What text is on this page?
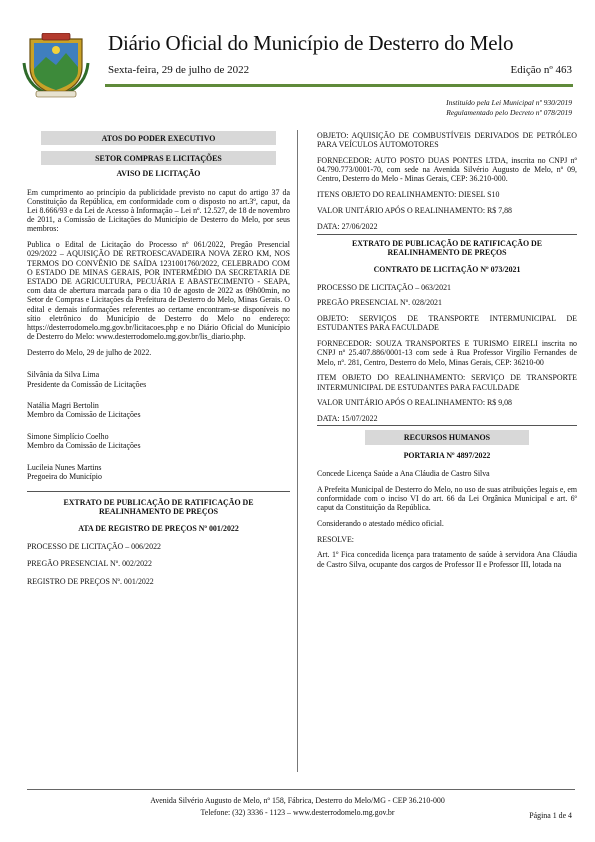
Diário Oficial do Município de Desterro do Melo
Sexta-feira, 29 de julho de 2022	Edição nº 463
Instituído pela Lei Municipal nº 930/2019
Regulamentado pelo Decreto nº 078/2019
ATOS DO PODER EXECUTIVO
SETOR COMPRAS E LICITAÇÕES
AVISO DE LICITAÇÃO

Em cumprimento ao princípio da publicidade previsto no caput do artigo 37 da Constituição da República, em conformidade com o disposto no art.3º, caput, da Lei 8.666/93 e da Lei de Acesso à Informação – Lei nº. 12.527, de 18 de novembro de 2011, a Comissão de Licitações do Município de Desterro do Melo, por seus membros:

Publica o Edital de Licitação do Processo nº 061/2022, Pregão Presencial 029/2022 – AQUISIÇÃO DE RETROESCAVADEIRA NOVA ZERO KM, NOS TERMOS DO CONVÊNIO DE SAÍDA 1231001760/2022, CELEBRADO COM O ESTADO DE MINAS GERAIS, POR INTERMÉDIO DA SECRETARIA DE ESTADO DE AGRICULTURA, PECUÁRIA E ABASTECIMENTO - SEAPA, com data de abertura marcada para o dia 10 de agosto de 2022 as 09h00min, no Setor de Compras e Licitações da Prefeitura de Desterro do Melo, Minas Gerais. O edital e demais informações referentes ao certame encontram-se disponíveis no sítio eletrônico do Município de Desterro do Melo no endereço: https://desterrodomelo.mg.gov.br/licitacoes.php e no Diário Oficial do Município de Desterro do Melo: www.desterrodomelo.mg.gov.br/lis_diario.php.

Desterro do Melo, 29 de julho de 2022.

Silvânia da Silva Lima
Presidente da Comissão de Licitações
Natália Magri Bertolin
Membro da Comissão de Licitações
Simone Simplício Coelho
Membro da Comissão de Licitações
Lucileia Nunes Martins
Pregoeira do Município
EXTRATO DE PUBLICAÇÃO DE RATIFICAÇÃO DE REALINHAMENTO DE PREÇOS
ATA DE REGISTRO DE PREÇOS Nº 001/2022

PROCESSO DE LICITAÇÃO – 006/2022

PREGÃO PRESENCIAL Nº. 002/2022

REGISTRO DE PREÇOS Nº. 001/2022

OBJETO: AQUISIÇÃO DE COMBUSTÍVEIS DERIVADOS DE PETRÓLEO PARA VEÍCULOS AUTOMOTORES

FORNECEDOR: AUTO POSTO DUAS PONTES LTDA, inscrita no CNPJ nº 04.790.773/0001-70, com sede na Avenida Silvério Augusto de Melo, nº 09, Centro, Desterro do Melo - Minas Gerais, CEP: 36.210-000.

ITENS OBJETO DO REALINHAMENTO: DIESEL S10

VALOR UNITÁRIO APÓS O REALINHAMENTO: R$ 7,88

DATA: 27/06/2022

EXTRATO DE PUBLICAÇÃO DE RATIFICAÇÃO DE REALINHAMENTO DE PREÇOS
CONTRATO DE LICITAÇÃO Nº 073/2021

PROCESSO DE LICITAÇÃO – 063/2021

PREGÃO PRESENCIAL Nº. 028/2021

OBJETO: SERVIÇOS DE TRANSPORTE INTERMUNICIPAL DE ESTUDANTES PARA FACULDADE

FORNECEDOR: SOUZA TRANSPORTES E TURISMO EIRELI inscrita no CNPJ nº 25.407.886/0001-13 com sede à Rua Professor Virgílio Fernandes de Melo, nº. 281, Centro, Desterro do Melo, Minas Gerais, CEP: 36210-00

ITEM OBJETO DO REALINHAMENTO: SERVIÇO DE TRANSPORTE INTERMUNICIPAL DE ESTUDANTES PARA FACULDADE

VALOR UNITÁRIO APÓS O REALINHAMENTO: R$ 9,08

DATA: 15/07/2022

RECURSOS HUMANOS
PORTARIA Nº 4897/2022

Concede Licença Saúde a Ana Cláudia de Castro Silva

A Prefeita Municipal de Desterro do Melo, no uso de suas atribuições legais e, em conformidade com o inciso VI do art. 66 da Lei Orgânica Municipal e art. 6º caput da Constituição da República.

Considerando o atestado médico oficial.

RESOLVE:

Art. 1º Fica concedida licença para tratamento de saúde à servidora Ana Cláudia de Castro Silva, ocupante dos cargos de Professor II e Professor III, lotada na

Avenida Silvério Augusto de Melo, nº 158, Fábrica, Desterro do Melo/MG - CEP 36.210-000
Telefone: (32) 3336 - 1123 – www.desterrodomelo.mg.gov.br	Página 1 de 4
